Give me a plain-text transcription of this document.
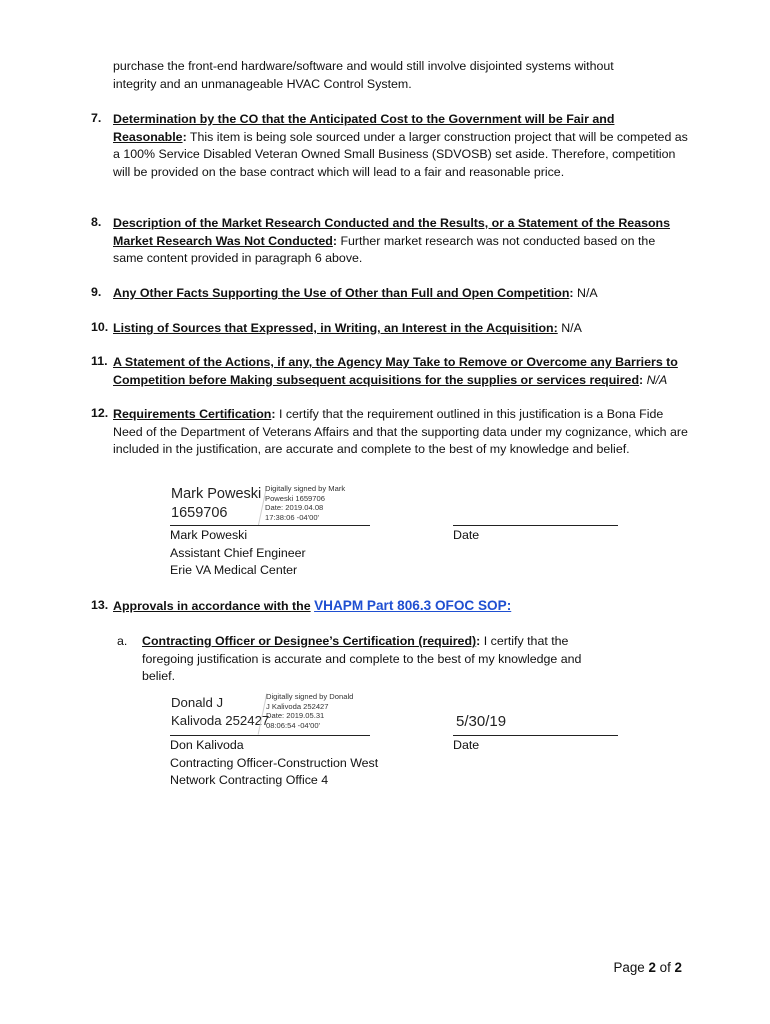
purchase the front-end hardware/software and would still involve disjointed systems without
integrity and an unmanageable HVAC Control System.
7. Determination by the CO that the Anticipated Cost to the Government will be Fair and Reasonable: This item is being sole sourced under a larger construction project that will be competed as a 100% Service Disabled Veteran Owned Small Business (SDVOSB) set aside. Therefore, competition will be provided on the base contract which will lead to a fair and reasonable price.
8. Description of the Market Research Conducted and the Results, or a Statement of the Reasons Market Research Was Not Conducted: Further market research was not conducted based on the same content provided in paragraph 6 above.
9. Any Other Facts Supporting the Use of Other than Full and Open Competition: N/A
10. Listing of Sources that Expressed, in Writing, an Interest in the Acquisition: N/A
11. A Statement of the Actions, if any, the Agency May Take to Remove or Overcome any Barriers to Competition before Making subsequent acquisitions for the supplies or services required: N/A
12. Requirements Certification: I certify that the requirement outlined in this justification is a Bona Fide Need of the Department of Veterans Affairs and that the supporting data under my cognizance, which are included in the justification, are accurate and complete to the best of my knowledge and belief.
Mark Poweski
1659706
Digitally signed by Mark
Poweski 1659706
Date: 2019.04.08
17:38:06 -04'00'
Mark Poweski
Assistant Chief Engineer
Erie VA Medical Center
Date
13. Approvals in accordance with the VHAPM Part 806.3 OFOC SOP:
a. Contracting Officer or Designee’s Certification (required): I certify that the foregoing justification is accurate and complete to the best of my knowledge and belief.
Donald J
Kalivoda 252427
Digitally signed by Donald
J Kalivoda 252427
Date: 2019.05.31
08:06:54 -04'00'	5/30/19
Don Kalivoda
Contracting Officer-Construction West
Network Contracting Office 4
Date
Page 2 of 2
